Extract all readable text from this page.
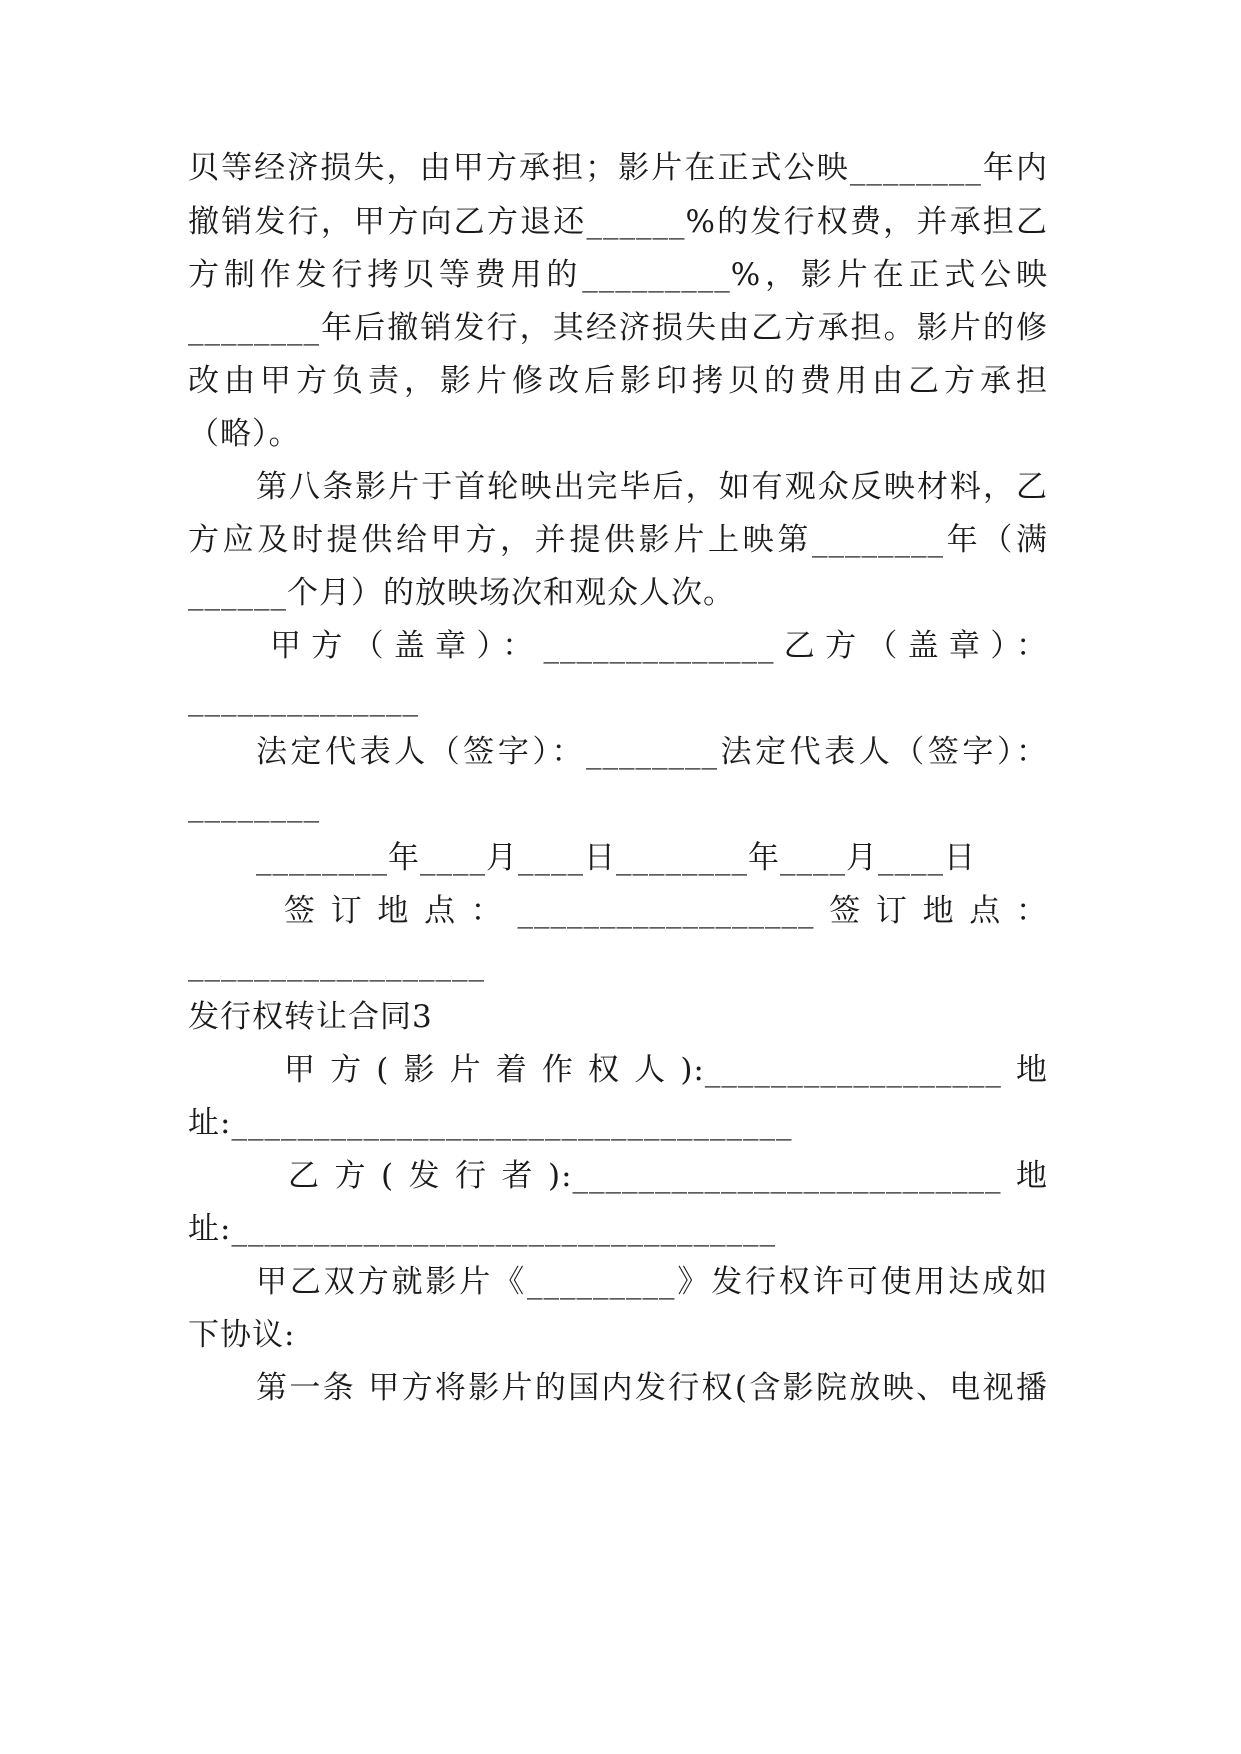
贝等经济损失，由甲方承担；影片在正式公映________年内
撤销发行，甲方向乙方退还______%的发行权费，并承担乙
方制作发行拷贝等费用的_________%，影片在正式公映
________年后撤销发行，其经济损失由乙方承担。影片的修
改由甲方负责，影片修改后影印拷贝的费用由乙方承担
（略）。
第八条影片于首轮映出完毕后，如有观众反映材料，乙
方应及时提供给甲方，并提供影片上映第________年（满
______个月）的放映场次和观众人次。
甲方（盖章）：______________乙方（盖章）：
______________
法定代表人（签字）：________法定代表人（签字）：
________
________年____月____日________年____月____日
签订地点：__________________签订地点：
__________________
发行权转让合同3
甲方(影片着作权人):__________________地
址:__________________________________
乙方(发行者):__________________________地
址:_________________________________
甲乙双方就影片《_________》发行权许可使用达成如
下协议:
第一条 甲方将影片的国内发行权(含影院放映、电视播
